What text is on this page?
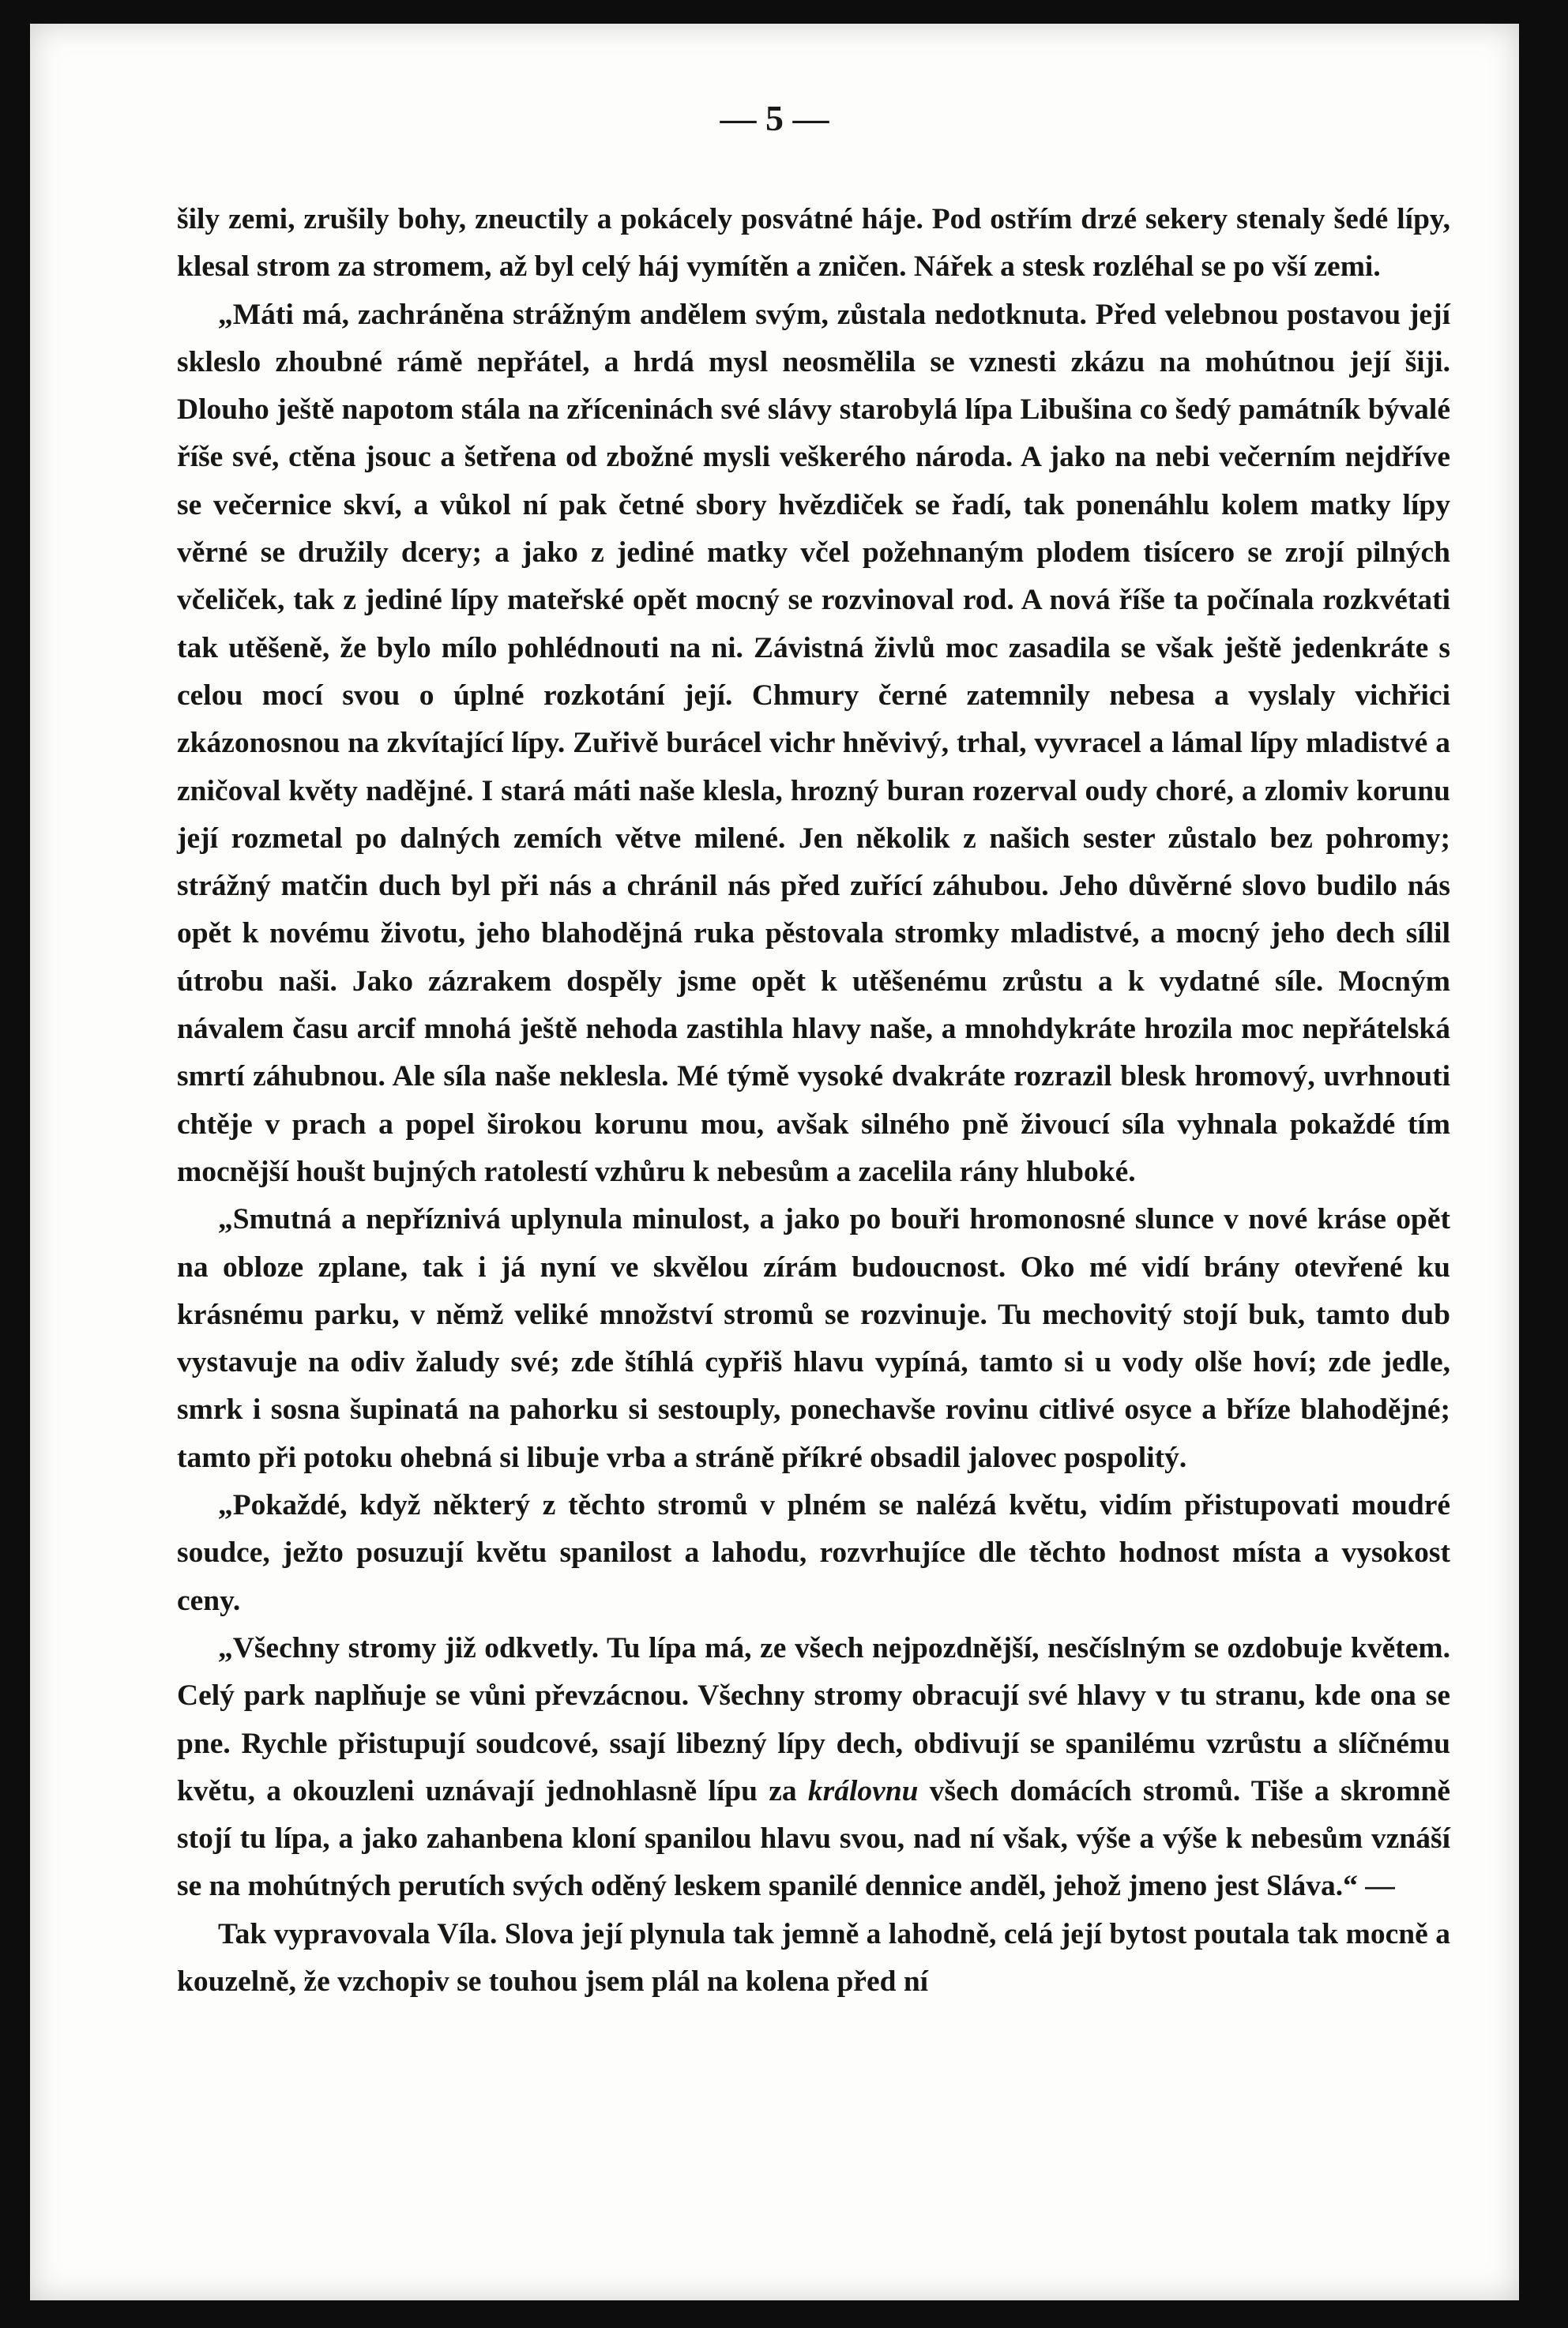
— 5 —

šily zemi, zrušily bohy, zneuctily a pokácely posvátné háje. Pod ostřím drzé sekery stenaly šedé lípy, klesal strom za stromem, až byl celý háj vymítěn a zničen. Nářek a stesk rozléhal se po vší zemi.

„Máti má, zachráněna strážným andělem svým, zůstala nedotknuta. Před velebnou postavou její skleslo zhoubné rámě nepřátel, a hrdá mysl neosmělila se vznesti zkázu na mohútnou její šiji. Dlouho ještě napotom stála na zříceninách své slávy starobylá lípa Libušina co šedý památník bývalé říše své, ctěna jsouc a šetřena od zbožné mysli veškerého národa. A jako na nebi večerním nejdříve se večernice skví, a vůkol ní pak četné sbory hvězdiček se řadí, tak ponenáhlu kolem matky lípy věrné se družily dcery; a jako z jediné matky včel požehnaným plodem tisícero se zrojí pilných včeliček, tak z jediné lípy mateřské opět mocný se rozvinoval rod. A nová říše ta počínala rozkvétati tak utěšeně, že bylo mílo pohlédnouti na ni. Závistná živlů moc zasadila se však ještě jedenkráte s celou mocí svou o úplné rozkotání její. Chmury černé zatemnily nebesa a vyslaly vichřici zkázonosnou na zkvítající lípy. Zuřivě burácel vichr hněvivý, trhal, vyvracel a lámal lípy mladistvé a zničoval květy nadějné. I stará máti naše klesla, hrozný buran rozerval oudy choré, a zlomiv korunu její rozmetal po dalných zemích větve milené. Jen několik z našich sester zůstalo bez pohromy; strážný matčin duch byl při nás a chránil nás před zuřící záhubou. Jeho důvěrné slovo budilo nás opět k novému životu, jeho blahodějná ruka pěstovala stromky mladistvé, a mocný jeho dech sílil útrobu naši. Jako zázrakem dospěly jsme opět k utěšenému zrůstu a k vydatné síle. Mocným návalem času arcif mnohá ještě nehoda zastihla hlavy naše, a mnohdykráte hrozila moc nepřátelská smrtí záhubnou. Ale síla naše neklesla. Mé týmě vysoké dvakráte rozrazil blesk hromový, uvrhnouti chtěje v prach a popel širokou korunu mou, avšak silného pně živoucí síla vyhnala pokaždé tím mocnější houšt bujných ratolestí vzhůru k nebesům a zacelila rány hluboké.

„Smutná a nepříznivá uplynula minulost, a jako po bouři hromonosné slunce v nové kráse opět na obloze zplane, tak i já nyní ve skvělou zírám budoucnost. Oko mé vidí brány otevřené ku krásnému parku, v němž veliké množství stromů se rozvinuje. Tu mechovitý stojí buk, tamto dub vystavuje na odiv žaludy své; zde štíhlá cypřiš hlavu vypíná, tamto si u vody olše hoví; zde jedle, smrk i sosna šupinatá na pahorku si sestouply, ponechavše rovinu citlivé osyce a bříze blahodějné; tamto při potoku ohebná si libuje vrba a stráně příkré obsadil jalovec pospolitý.

„Pokaždé, když některý z těchto stromů v plném se nalézá květu, vidím přistupovati moudré soudce, ježto posuzují květu spanilost a lahodu, rozvrhujíce dle těchto hodnost místa a vysokost ceny.

„Všechny stromy již odkvetly. Tu lípa má, ze všech nejpozdnější, nesčíslným se ozdobuje květem. Celý park naplňuje se vůni převzácnou. Všechny stromy obracují své hlavy v tu stranu, kde ona se pne. Rychle přistupují soudcové, ssají libezný lípy dech, obdivují se spanilému vzrůstu a slíčnému květu, a okouzleni uznávají jednohlasně lípu za královnu všech domácích stromů. Tiše a skromně stojí tu lípa, a jako zahanbena kloní spanilou hlavu svou, nad ní však, výše a výše k nebesům vznáší se na mohútných perutích svých oděný leskem spanilé dennice anděl, jehož jmeno jest Sláva.“ —

Tak vypravovala Víla. Slova její plynula tak jemně a lahodně, celá její bytost poutala tak mocně a kouzelně, že vzchopiv se touhou jsem plál na kolena před ní
